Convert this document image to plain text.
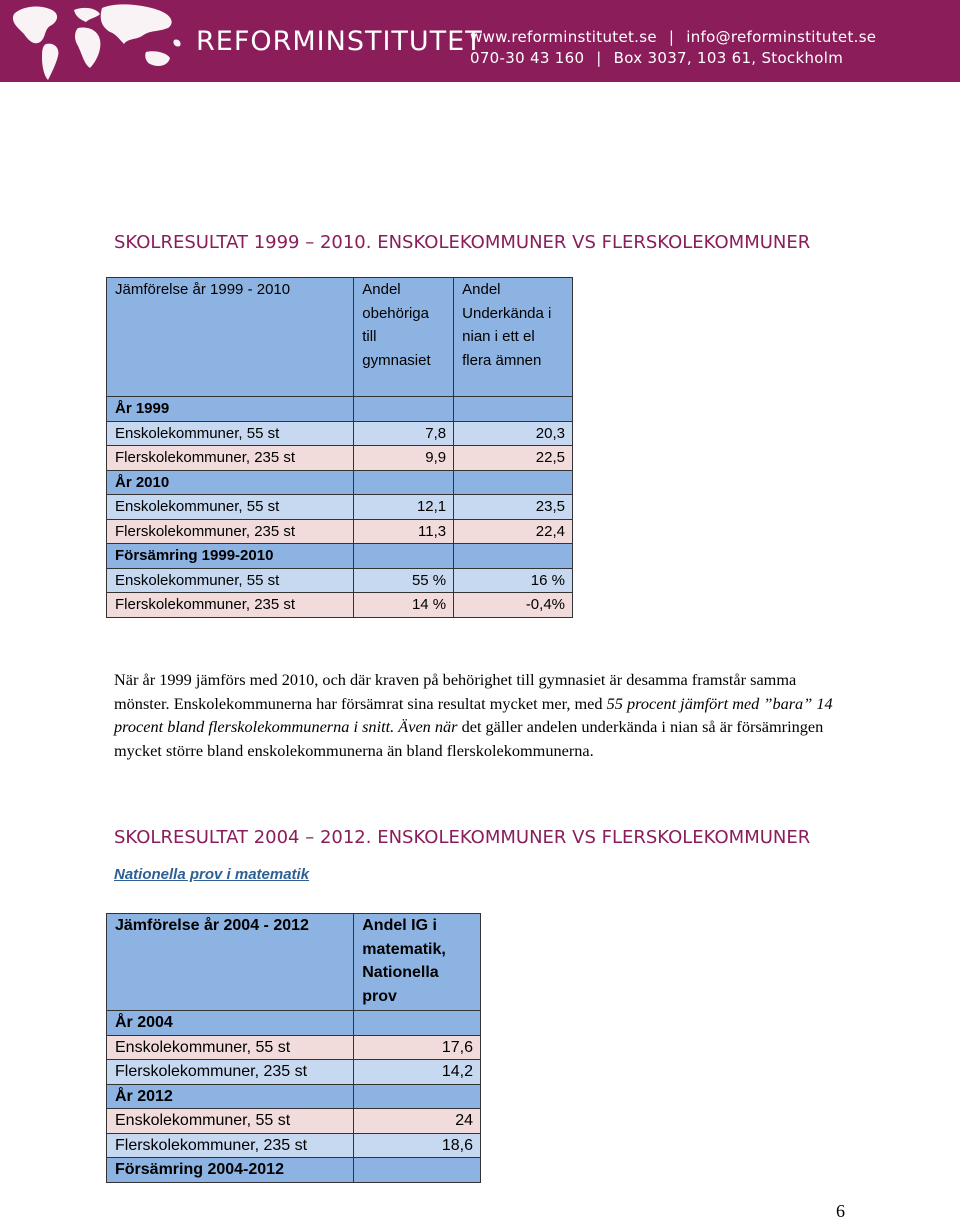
REFORMINSTITUTET
www.reforminstitutet.se | info@reforminstitutet.se
070-30 43 160 | Box 3037, 103 61, Stockholm
SKOLRESULTAT 1999 – 2010. ENSKOLEKOMMUNER VS FLERSKOLEKOMMUNER
Jämförelse år 1999 - 2010	Andel obehöriga till gymnasiet	Andel Underkända i nian i ett el flera ämnen
År 1999		
Enskolekommuner, 55 st	7,8	20,3
Flerskolekommuner, 235 st	9,9	22,5
År 2010		
Enskolekommuner, 55 st	12,1	23,5
Flerskolekommuner, 235 st	11,3	22,4
Försämring 1999-2010		
Enskolekommuner, 55 st	55 %	16 %
Flerskolekommuner, 235 st	14 %	-0,4%
När år 1999 jämförs med 2010, och där kraven på behörighet till gymnasiet är desamma framstår samma mönster. Enskolekommunerna har försämrat sina resultat mycket mer, med 55 procent jämfört med ”bara” 14 procent bland flerskolekommunerna i snitt. Även när det gäller andelen underkända i nian så är försämringen mycket större bland enskolekommunerna än bland flerskolekommunerna.
SKOLRESULTAT 2004 – 2012. ENSKOLEKOMMUNER VS FLERSKOLEKOMMUNER
Nationella prov i matematik
Jämförelse år 2004 - 2012	Andel IG i matematik, Nationella prov
År 2004	
Enskolekommuner, 55 st	17,6
Flerskolekommuner, 235 st	14,2
År 2012	
Enskolekommuner, 55 st	24
Flerskolekommuner, 235 st	18,6
Försämring 2004-2012	
6
